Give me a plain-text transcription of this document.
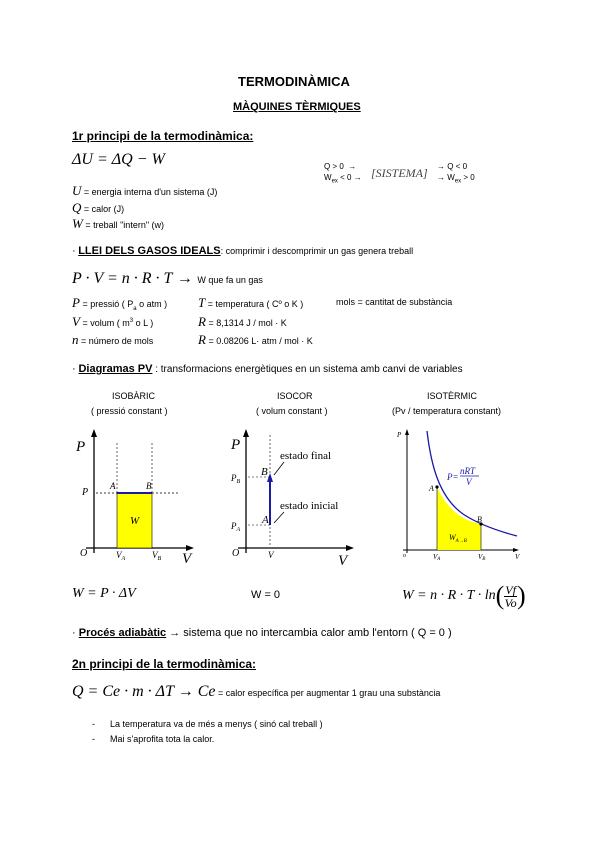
TERMODINÀMICA
MÀQUINES TÈRMIQUES
1r principi de la termodinàmica:
ΔU = ΔQ − W
U = energia interna d'un sistema (J)
Q = calor (J)
W = treball "intern" (w)
Q > 0  →
$W_{ex} < 0$ → [SISTEMA] → Q < 0
→ $W_{ex} > 0$
· LLEI DELS GASOS IDEALS: comprimir i descomprimir un gas genera treball
P · V = n · R · T → W que fa un gas
P = pressió ( $P_a$ o atm ) T = temperatura ( Cº o K )	mols = cantitat de substància
V = volum ( $m^3$ o L )	R = 8,1314 J / mol · K
n = número de mols	R = 0.08206 L· atm / mol · K
· Diagramas PV : transformacions energètiques en un sistema amb canvi de variables
ISOBÀRIC
( pressió constant )
ISOCOR
( volum constant )
ISOTÈRMIC
(Pv / temperatura constant)
P
V
O
P
A	B
W
$V_A$	$V_B$
P
V
O
$P_B$
$P_A$
B
A
V
estado final
estado inicial
P
V
o
A
B
$W_{A\to B}$
VA	VB
P=
nRT
V
W = P · ΔV	W = 0	$W = n \cdot R \cdot T \cdot \ln( \frac{Vf}{Vo}$ )
· Procés adiabàtic → sistema que no intercambia calor amb l'entorn ( Q = 0 )
2n principi de la termodinàmica:
Q = Ce · m · ΔT → Ce = calor específica per augmentar 1 grau una substància
-      La temperatura va de més a menys ( sinó cal treball )
-      Mai s'aprofita tota la calor.
